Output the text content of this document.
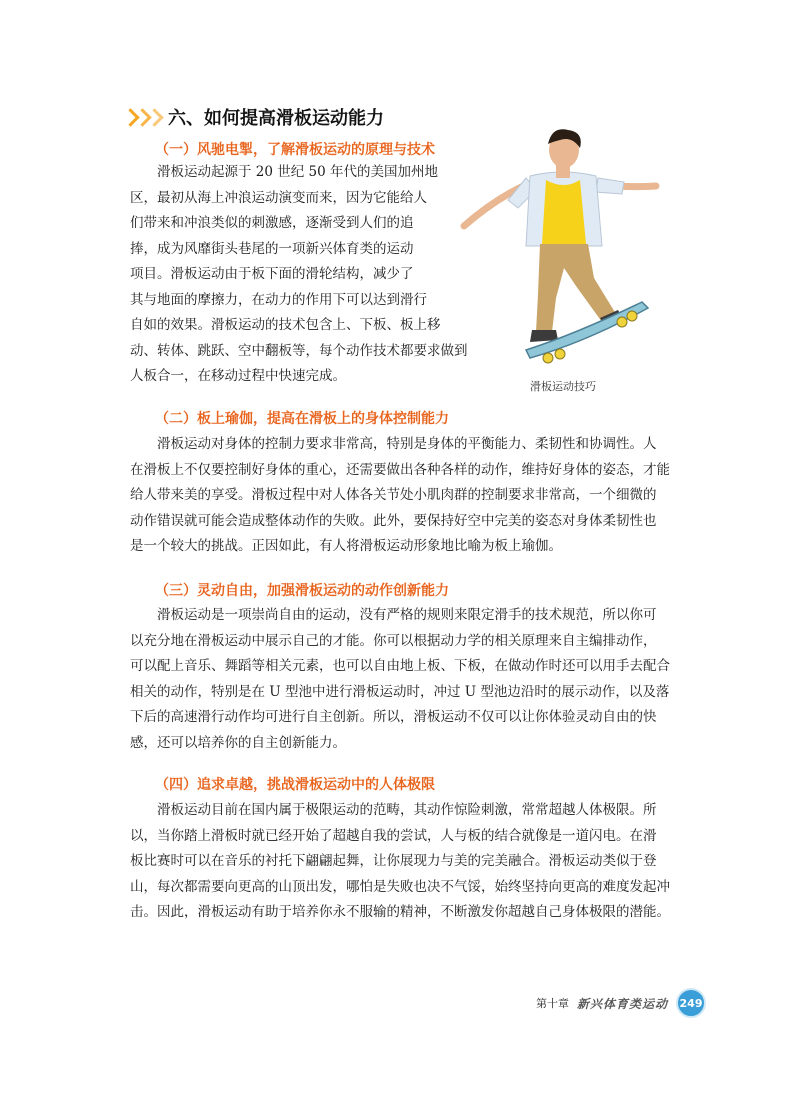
六、如何提高滑板运动能力
（一）风驰电掣，了解滑板运动的原理与技术
滑板运动起源于 20 世纪 50 年代的美国加州地
区，最初从海上冲浪运动演变而来，因为它能给人
们带来和冲浪类似的刺激感，逐渐受到人们的追
捧，成为风靡街头巷尾的一项新兴体育类的运动
项目。滑板运动由于板下面的滑轮结构，减少了
其与地面的摩擦力，在动力的作用下可以达到滑行
自如的效果。滑板运动的技术包含上、下板、板上移
动、转体、跳跃、空中翻板等，每个动作技术都要求做到
人板合一，在移动过程中快速完成。
滑板运动技巧
（二）板上瑜伽，提高在滑板上的身体控制能力
滑板运动对身体的控制力要求非常高，特别是身体的平衡能力、柔韧性和协调性。人
在滑板上不仅要控制好身体的重心，还需要做出各种各样的动作，维持好身体的姿态，才能
给人带来美的享受。滑板过程中对人体各关节处小肌肉群的控制要求非常高，一个细微的
动作错误就可能会造成整体动作的失败。此外，要保持好空中完美的姿态对身体柔韧性也
是一个较大的挑战。正因如此，有人将滑板运动形象地比喻为板上瑜伽。
（三）灵动自由，加强滑板运动的动作创新能力
滑板运动是一项崇尚自由的运动，没有严格的规则来限定滑手的技术规范，所以你可
以充分地在滑板运动中展示自己的才能。你可以根据动力学的相关原理来自主编排动作，
可以配上音乐、舞蹈等相关元素，也可以自由地上板、下板，在做动作时还可以用手去配合
相关的动作，特别是在 U 型池中进行滑板运动时，冲过 U 型池边沿时的展示动作，以及落
下后的高速滑行动作均可进行自主创新。所以，滑板运动不仅可以让你体验灵动自由的快
感，还可以培养你的自主创新能力。
（四）追求卓越，挑战滑板运动中的人体极限
滑板运动目前在国内属于极限运动的范畴，其动作惊险刺激，常常超越人体极限。所
以，当你踏上滑板时就已经开始了超越自我的尝试，人与板的结合就像是一道闪电。在滑
板比赛时可以在音乐的衬托下翩翩起舞，让你展现力与美的完美融合。滑板运动类似于登
山，每次都需要向更高的山顶出发，哪怕是失败也决不气馁，始终坚持向更高的难度发起冲
击。因此，滑板运动有助于培养你永不服输的精神，不断激发你超越自己身体极限的潜能。
第十章 新兴体育类运动	249
